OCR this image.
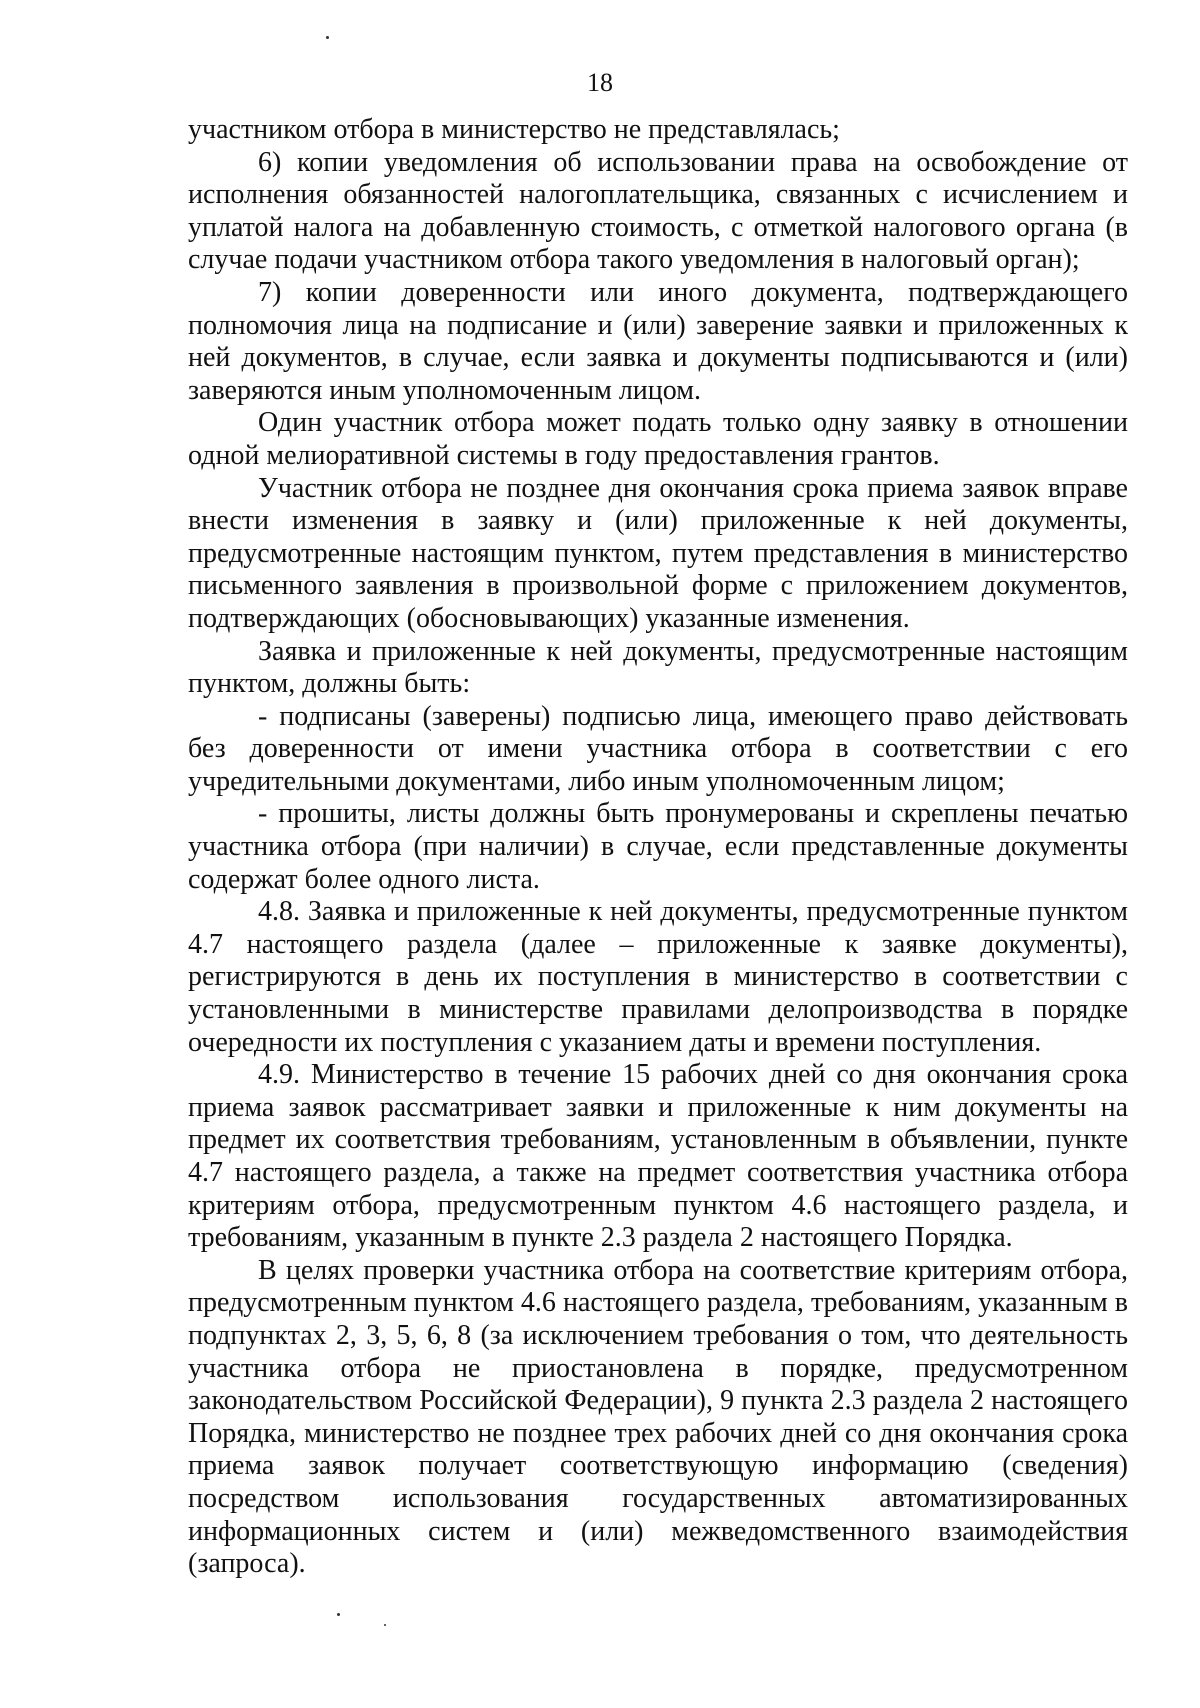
18

участником отбора в министерство не представлялась;

6) копии уведомления об использовании права на освобождение от исполнения обязанностей налогоплательщика, связанных с исчислением и уплатой налога на добавленную стоимость, с отметкой налогового органа (в случае подачи участником отбора такого уведомления в налоговый орган);

7) копии доверенности или иного документа, подтверждающего полномочия лица на подписание и (или) заверение заявки и приложенных к ней документов, в случае, если заявка и документы подписываются и (или) заверяются иным уполномоченным лицом.

Один участник отбора может подать только одну заявку в отношении одной мелиоративной системы в году предоставления грантов.

Участник отбора не позднее дня окончания срока приема заявок вправе внести изменения в заявку и (или) приложенные к ней документы, предусмотренные настоящим пунктом, путем представления в министерство письменного заявления в произвольной форме с приложением документов, подтверждающих (обосновывающих) указанные изменения.

Заявка и приложенные к ней документы, предусмотренные настоящим пунктом, должны быть:

- подписаны (заверены) подписью лица, имеющего право действовать без доверенности от имени участника отбора в соответствии с его учредительными документами, либо иным уполномоченным лицом;

- прошиты, листы должны быть пронумерованы и скреплены печатью участника отбора (при наличии) в случае, если представленные документы содержат более одного листа.

4.8. Заявка и приложенные к ней документы, предусмотренные пунктом 4.7 настоящего раздела (далее – приложенные к заявке документы), регистрируются в день их поступления в министерство в соответствии с установленными в министерстве правилами делопроизводства в порядке очередности их поступления с указанием даты и времени поступления.

4.9. Министерство в течение 15 рабочих дней со дня окончания срока приема заявок рассматривает заявки и приложенные к ним документы на предмет их соответствия требованиям, установленным в объявлении, пункте 4.7 настоящего раздела, а также на предмет соответствия участника отбора критериям отбора, предусмотренным пунктом 4.6 настоящего раздела, и требованиям, указанным в пункте 2.3 раздела 2 настоящего Порядка.

В целях проверки участника отбора на соответствие критериям отбора, предусмотренным пунктом 4.6 настоящего раздела, требованиям, указанным в подпунктах 2, 3, 5, 6, 8 (за исключением требования о том, что деятельность участника отбора не приостановлена в порядке, предусмотренном законодательством Российской Федерации), 9 пункта 2.3 раздела 2 настоящего Порядка, министерство не позднее трех рабочих дней со дня окончания срока приема заявок получает соответствующую информацию (сведения) посредством использования государственных автоматизированных информационных систем и (или) межведомственного взаимодействия (запроса).
